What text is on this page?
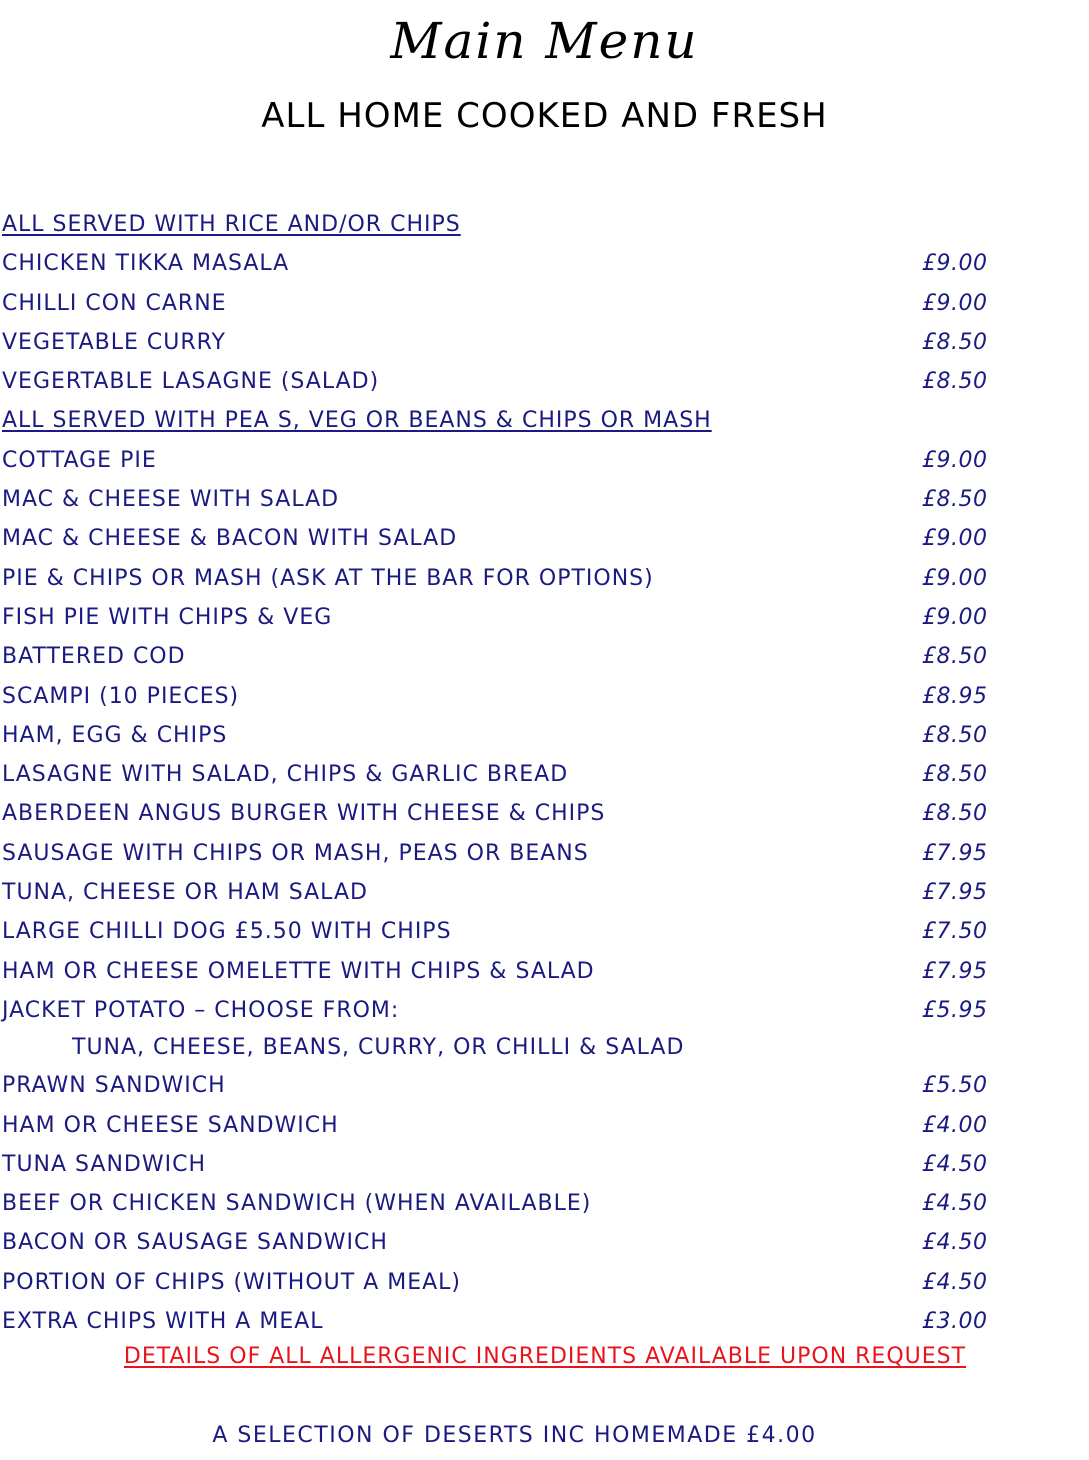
Main Menu
ALL HOME COOKED AND FRESH
ALL SERVED WITH RICE AND/OR CHIPS
CHICKEN TIKKA MASALA	£9.00
CHILLI CON CARNE	£9.00
VEGETABLE CURRY	£8.50
VEGERTABLE LASAGNE (SALAD)	£8.50
ALL SERVED WITH PEA S, VEG OR BEANS & CHIPS OR MASH
COTTAGE PIE	£9.00
MAC & CHEESE WITH SALAD	£8.50
MAC & CHEESE & BACON WITH SALAD	£9.00
PIE & CHIPS OR MASH (ASK AT THE BAR FOR OPTIONS)	£9.00
FISH PIE WITH CHIPS & VEG	£9.00
BATTERED COD	£8.50
SCAMPI (10 PIECES)	£8.95
HAM, EGG & CHIPS	£8.50
LASAGNE WITH SALAD, CHIPS & GARLIC BREAD	£8.50
ABERDEEN ANGUS BURGER WITH CHEESE & CHIPS	£8.50
SAUSAGE WITH CHIPS OR MASH, PEAS OR BEANS	£7.95
TUNA, CHEESE OR HAM SALAD	£7.95
LARGE CHILLI DOG £5.50 WITH CHIPS	£7.50
HAM OR CHEESE OMELETTE WITH CHIPS & SALAD	£7.95
JACKET POTATO – CHOOSE FROM:	£5.95
TUNA, CHEESE, BEANS, CURRY, OR CHILLI & SALAD
PRAWN SANDWICH	£5.50
HAM OR CHEESE SANDWICH	£4.00
TUNA SANDWICH	£4.50
BEEF OR CHICKEN SANDWICH (WHEN AVAILABLE)	£4.50
BACON OR SAUSAGE SANDWICH	£4.50
PORTION OF CHIPS (WITHOUT A MEAL)	£4.50
EXTRA CHIPS WITH A MEAL	£3.00
DETAILS OF ALL ALLERGENIC INGREDIENTS AVAILABLE UPON REQUEST
A SELECTION OF DESERTS INC HOMEMADE £4.00
